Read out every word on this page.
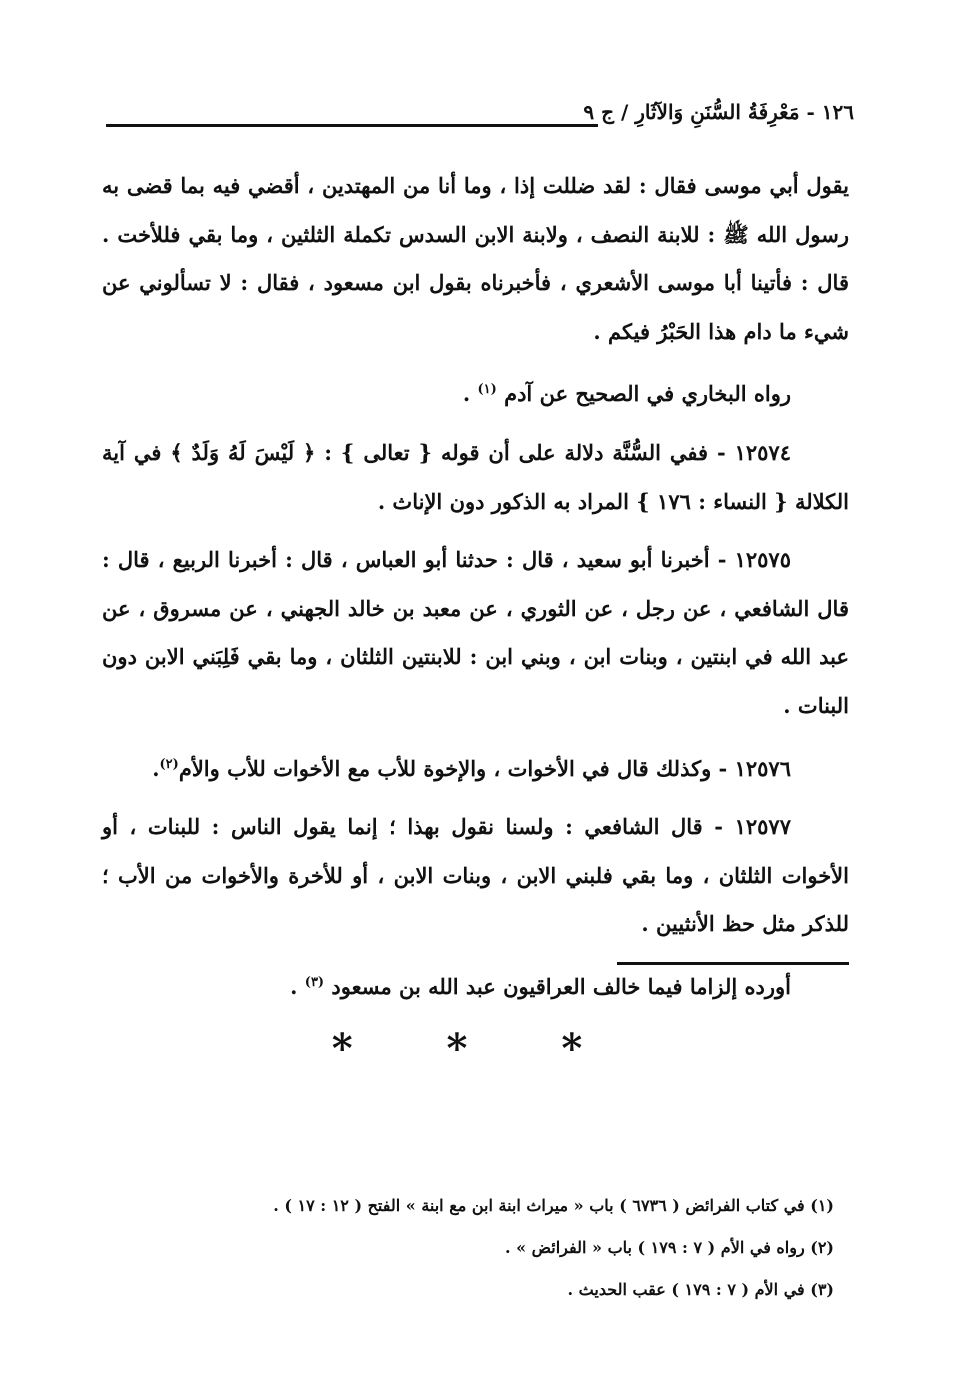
١٢٦ - مَعْرِفَةُ السُّنَنِ وَالآثَارِ / ج ٩

يقول أبي موسى فقال : لقد ضللت إذا ، وما أنا من المهتدين ، أقضي فيه بما قضى به رسول الله ﷺ : للابنة النصف ، ولابنة الابن السدس تكملة الثلثين ، وما بقي فللأخت . قال : فأتينا أبا موسى الأشعري ، فأخبرناه بقول ابن مسعود ، فقال : لا تسألوني عن شيء ما دام هذا الحَبْرُ فيكم .

رواه البخاري في الصحيح عن آدم $^{(١)}$ .

١٢٥٧٤ - ففي السُّنَّة دلالة على أن قوله { تعالى } : ﴿ لَيْسَ لَهُ وَلَدٌ ﴾ في آية الكلالة { النساء : ١٧٦ } المراد به الذكور دون الإناث .

١٢٥٧٥ - أخبرنا أبو سعيد ، قال : حدثنا أبو العباس ، قال : أخبرنا الربيع ، قال : قال الشافعي ، عن رجل ، عن الثوري ، عن معبد بن خالد الجهني ، عن مسروق ، عن عبد الله في ابنتين ، وبنات ابن ، وبني ابن : للابنتين الثلثان ، وما بقي فَلِبَني الابن دون البنات .

١٢٥٧٦ - وكذلك قال في الأخوات ، والإخوة للأب مع الأخوات للأب والأم$^{(٢)}$.

١٢٥٧٧ - قال الشافعي : ولسنا نقول بهذا ؛ إنما يقول الناس : للبنات ، أو الأخوات الثلثان ، وما بقي فلبني الابن ، وبنات الابن ، أو للأخرة والأخوات من الأب ؛ للذكر مثل حظ الأنثيين .

أورده إلزاما فيما خالف العراقيون عبد الله بن مسعود $^{(٣)}$ .

* * *
(١) في كتاب الفرائض ( ٦٧٣٦ ) باب « ميراث ابنة ابن مع ابنة » الفتح ( ١٢ : ١٧ ) .
(٢) رواه في الأم ( ٧ : ١٧٩ ) باب « الفرائض » .
(٣) في الأم ( ٧ : ١٧٩ ) عقب الحديث .
